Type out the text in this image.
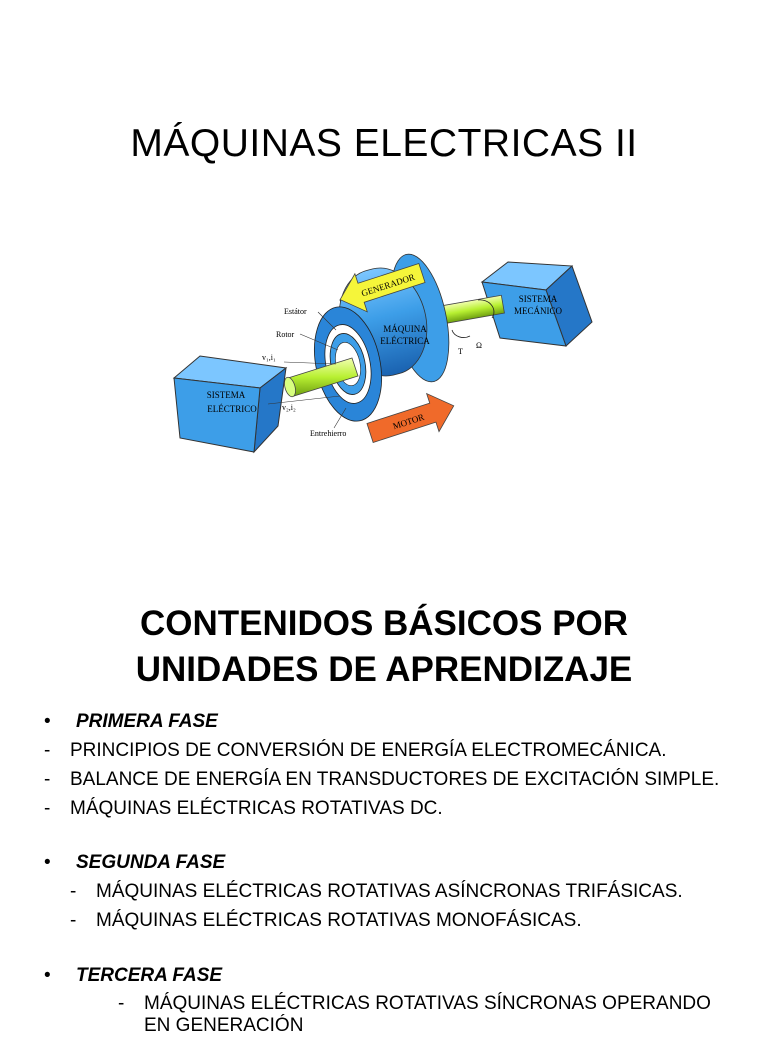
MÁQUINAS ELECTRICAS II
SISTEMA
MECÁNICO
MÁQUINA
ELÉCTRICA
SISTEMA
ELÉCTRICO
GENERADOR
MOTOR
Estátor
Rotor
v₁,i₁
v₂,i₂
Entrehierro
T
Ω
CONTENIDOS BÁSICOS POR
UNIDADES DE APRENDIZAJE
• PRIMERA FASE
- PRINCIPIOS DE CONVERSIÓN DE ENERGÍA ELECTROMECÁNICA.
- BALANCE DE ENERGÍA EN TRANSDUCTORES DE EXCITACIÓN SIMPLE.
- MÁQUINAS ELÉCTRICAS ROTATIVAS DC.
• SEGUNDA FASE
- MÁQUINAS ELÉCTRICAS ROTATIVAS ASÍNCRONAS TRIFÁSICAS.
- MÁQUINAS ELÉCTRICAS ROTATIVAS MONOFÁSICAS.
• TERCERA FASE
- MÁQUINAS ELÉCTRICAS ROTATIVAS SÍNCRONAS OPERANDO
EN GENERACIÓN
